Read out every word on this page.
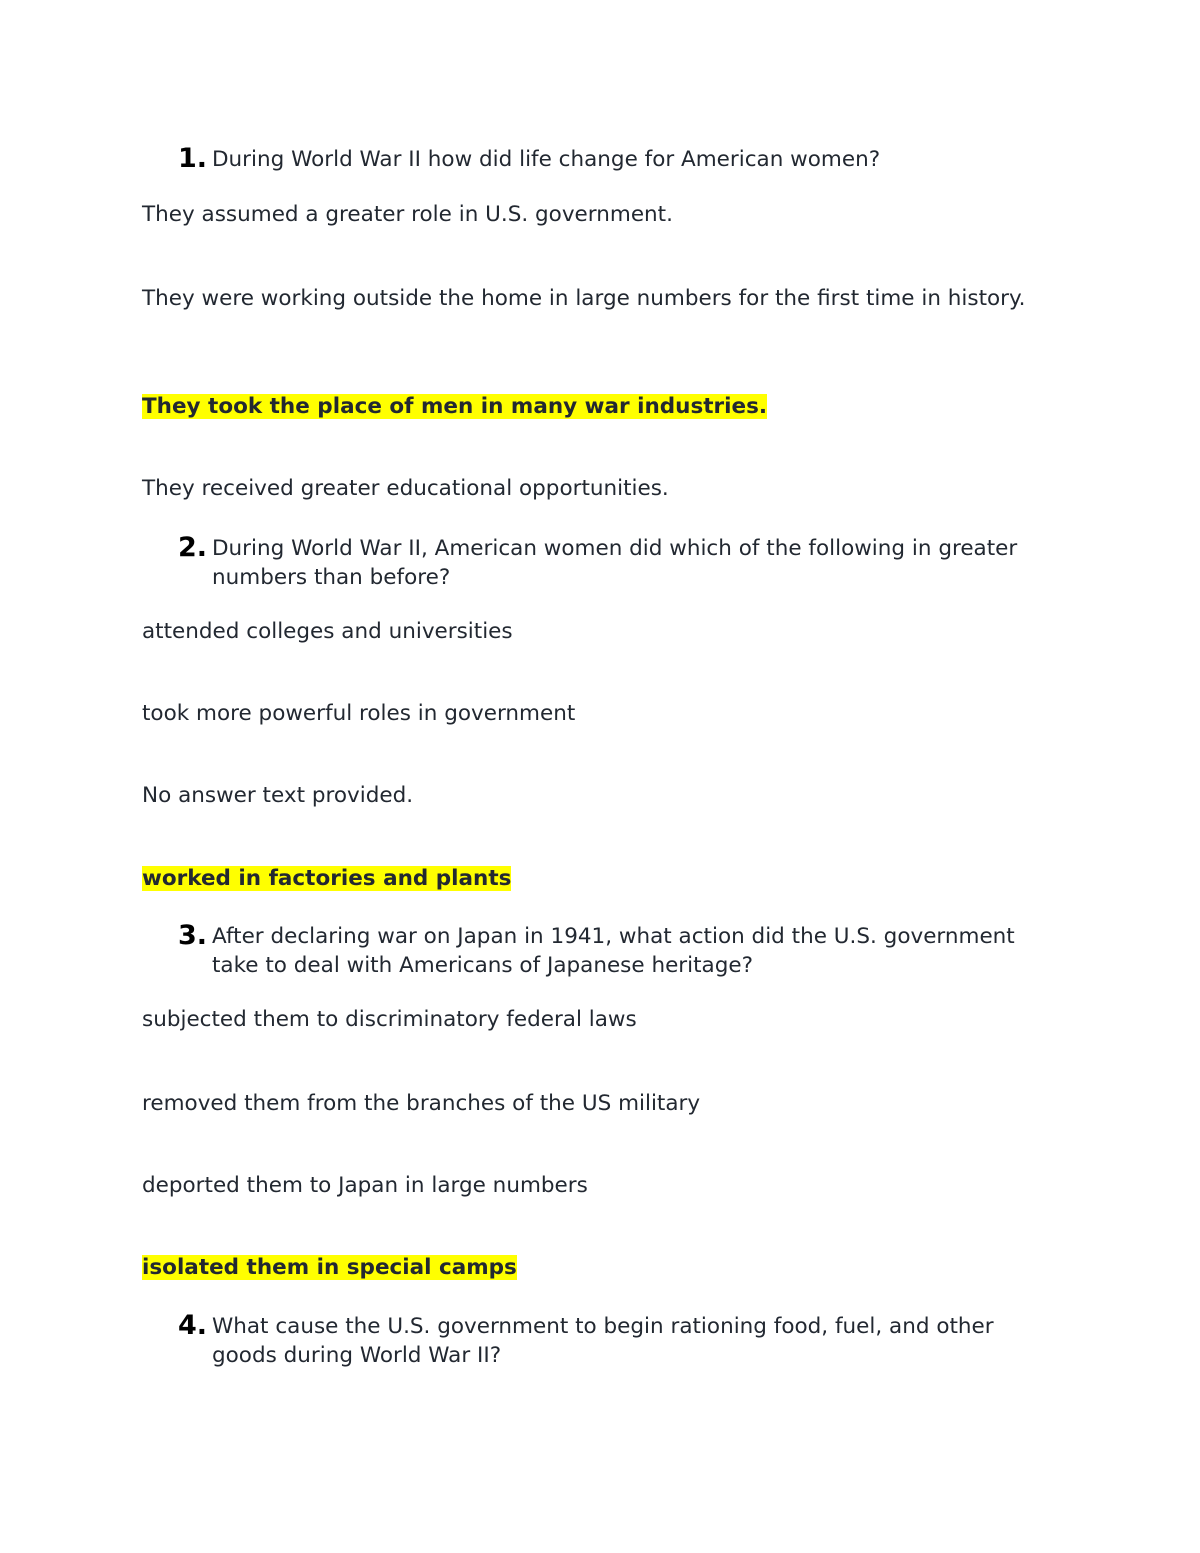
1. During World War II how did life change for American women?
They assumed a greater role in U.S. government.
They were working outside the home in large numbers for the first time in history.
They took the place of men in many war industries.
They received greater educational opportunities.
2. During World War II, American women did which of the following in greater numbers than before?
attended colleges and universities
took more powerful roles in government
No answer text provided.
worked in factories and plants
3. After declaring war on Japan in 1941, what action did the U.S. government take to deal with Americans of Japanese heritage?
subjected them to discriminatory federal laws
removed them from the branches of the US military
deported them to Japan in large numbers
isolated them in special camps
4. What cause the U.S. government to begin rationing food, fuel, and other goods during World War II?
